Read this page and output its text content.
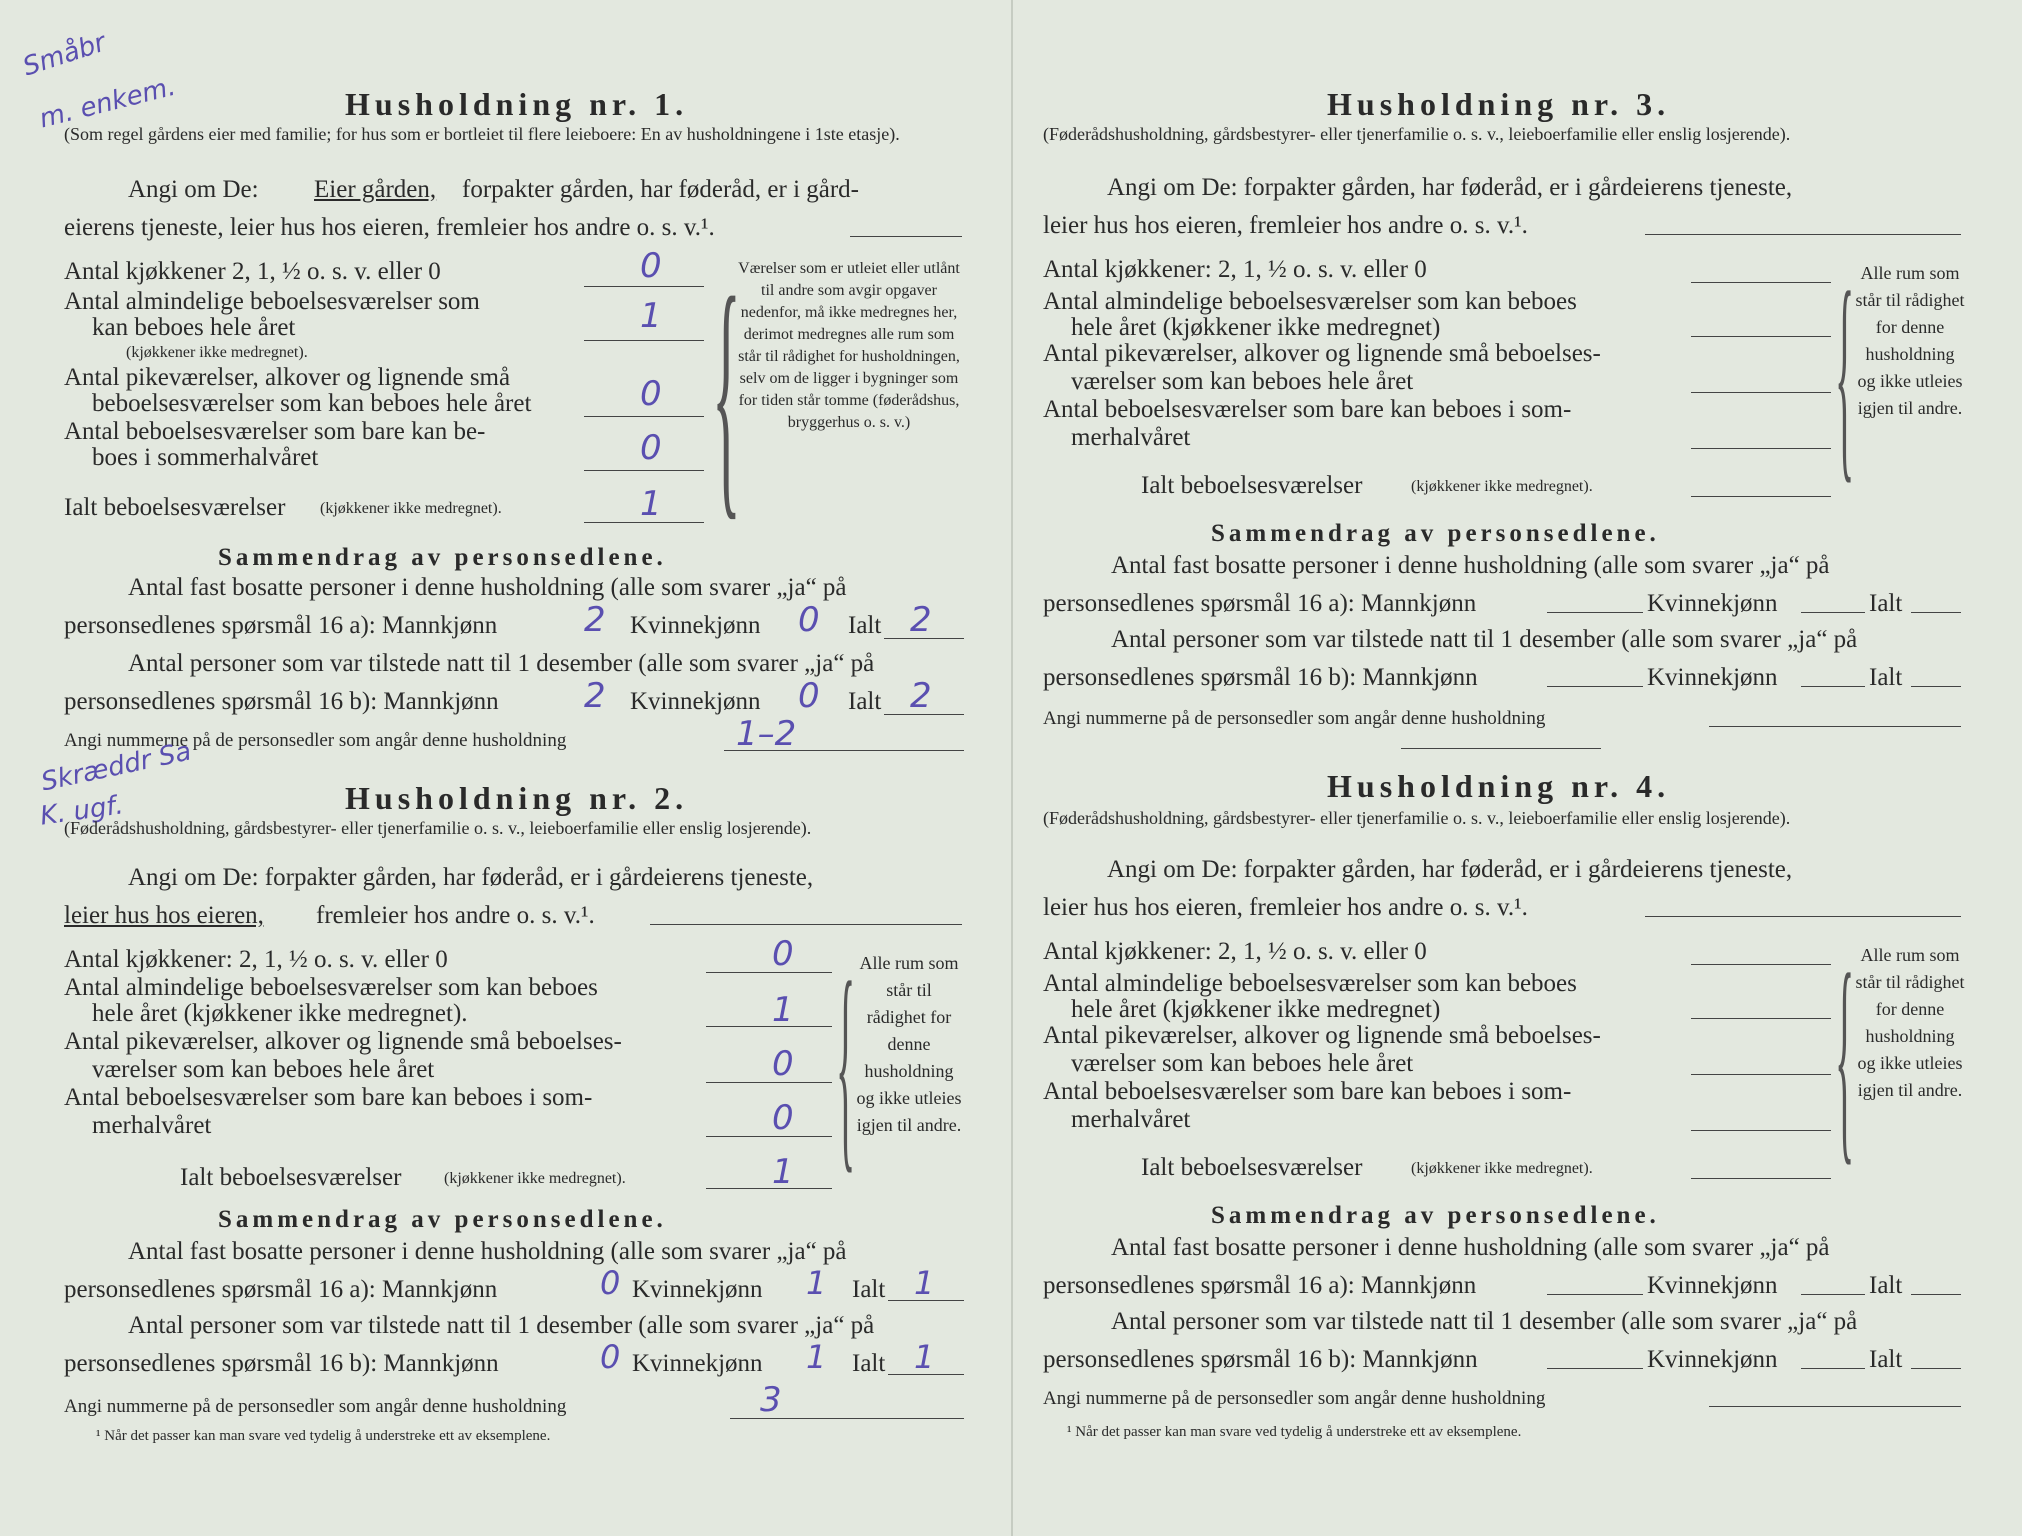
Småbr
m. enkem.	Husholdning nr. 1.
(Som regel gårdens eier med familie; for hus som er bortleiet til flere leieboere: En av husholdningene i 1ste etasje).
Angi om De: Eier gården, forpakter gården, har føderåd, er i gård-
eierens tjeneste, leier hus hos eieren, fremleier hos andre o. s. v.¹.
Antal kjøkkener 2, 1, ½ o. s. v. eller 0	0
Antal almindelige beboelsesværelser som
kan beboes hele året
(kjøkkener ikke medregnet).
1
Antal pikeværelser, alkover og lignende små
beboelsesværelser som kan beboes hele året	0
Antal beboelsesværelser som bare kan be-
boes i sommerhalvåret	0
Ialt beboelsesværelser (kjøkkener ikke medregnet).	1 {
Værelser som er utleiet eller utlånt til andre som avgir opgaver nedenfor, må ikke medregnes her, derimot medregnes alle rum som står til rådighet for husholdningen, selv om de ligger i bygninger som for tiden står tomme (føderådshus, bryggerhus o. s. v.)
Sammendrag av personsedlene.
Antal fast bosatte personer i denne husholdning (alle som svarer „ja“ på
personsedlenes spørsmål 16 a): Mannkjønn	2 Kvinnekjønn 0 Ialt 2
Antal personer som var tilstede natt til 1 desember (alle som svarer „ja“ på
personsedlenes spørsmål 16 b): Mannkjønn	2 Kvinnekjønn 0 Ialt 2
Angi nummerne på de personsedler som angår denne husholdning	1–2
Skræddr Sa
K. ugf.	Husholdning nr. 2.
(Føderådshusholdning, gårdsbestyrer- eller tjenerfamilie o. s. v., leieboerfamilie eller enslig losjerende).
Angi om De: forpakter gården, har føderåd, er i gårdeierens tjeneste,
leier hus hos eieren, fremleier hos andre o. s. v.¹.
Antal kjøkkener: 2, 1, ½ o. s. v. eller 0	0
Antal almindelige beboelsesværelser som kan beboes
hele året (kjøkkener ikke medregnet).	1
Antal pikeværelser, alkover og lignende små beboelses-
værelser som kan beboes hele året	0
Antal beboelsesværelser som bare kan beboes i som-
merhalvåret	0
Ialt beboelsesværelser	(kjøkkener ikke medregnet).	1 { Alle rum som står til rådighet for denne husholdning og ikke utleies igjen til andre.
Sammendrag av personsedlene.
Antal fast bosatte personer i denne husholdning (alle som svarer „ja“ på
personsedlenes spørsmål 16 a): Mannkjønn	0 Kvinnekjønn 1 Ialt 1
Antal personer som var tilstede natt til 1 desember (alle som svarer „ja“ på
personsedlenes spørsmål 16 b): Mannkjønn	0 Kvinnekjønn 1 Ialt 1
Angi nummerne på de personsedler som angår denne husholdning	3
¹ Når det passer kan man svare ved tydelig å understreke ett av eksemplene.
Husholdning nr. 3.
(Føderådshusholdning, gårdsbestyrer- eller tjenerfamilie o. s. v., leieboerfamilie eller enslig losjerende).
Angi om De: forpakter gården, har føderåd, er i gårdeierens tjeneste,
leier hus hos eieren, fremleier hos andre o. s. v.¹.
Antal kjøkkener: 2, 1, ½ o. s. v. eller 0
Antal almindelige beboelsesværelser som kan beboes
hele året (kjøkkener ikke medregnet)
Antal pikeværelser, alkover og lignende små beboelses-
værelser som kan beboes hele året
Antal beboelsesværelser som bare kan beboes i som-
merhalvåret
Ialt beboelsesværelser	(kjøkkener ikke medregnet).	{ Alle rum som står til rådighet for denne husholdning og ikke utleies igjen til andre.
Sammendrag av personsedlene.
Antal fast bosatte personer i denne husholdning (alle som svarer „ja“ på
personsedlenes spørsmål 16 a): Mannkjønn	Kvinnekjønn	Ialt
Antal personer som var tilstede natt til 1 desember (alle som svarer „ja“ på
personsedlenes spørsmål 16 b): Mannkjønn	Kvinnekjønn	Ialt
Angi nummerne på de personsedler som angår denne husholdning
Husholdning nr. 4.
(Føderådshusholdning, gårdsbestyrer- eller tjenerfamilie o. s. v., leieboerfamilie eller enslig losjerende).
Angi om De: forpakter gården, har føderåd, er i gårdeierens tjeneste,
leier hus hos eieren, fremleier hos andre o. s. v.¹.
Antal kjøkkener: 2, 1, ½ o. s. v. eller 0
Antal almindelige beboelsesværelser som kan beboes
hele året (kjøkkener ikke medregnet)
Antal pikeværelser, alkover og lignende små beboelses-
værelser som kan beboes hele året
Antal beboelsesværelser som bare kan beboes i som-
merhalvåret
Ialt beboelsesværelser	(kjøkkener ikke medregnet).	{ Alle rum som står til rådighet for denne husholdning og ikke utleies igjen til andre.
Sammendrag av personsedlene.
Antal fast bosatte personer i denne husholdning (alle som svarer „ja“ på
personsedlenes spørsmål 16 a): Mannkjønn	Kvinnekjønn	Ialt
Antal personer som var tilstede natt til 1 desember (alle som svarer „ja“ på
personsedlenes spørsmål 16 b): Mannkjønn	Kvinnekjønn	Ialt
Angi nummerne på de personsedler som angår denne husholdning
¹ Når det passer kan man svare ved tydelig å understreke ett av eksemplene.
